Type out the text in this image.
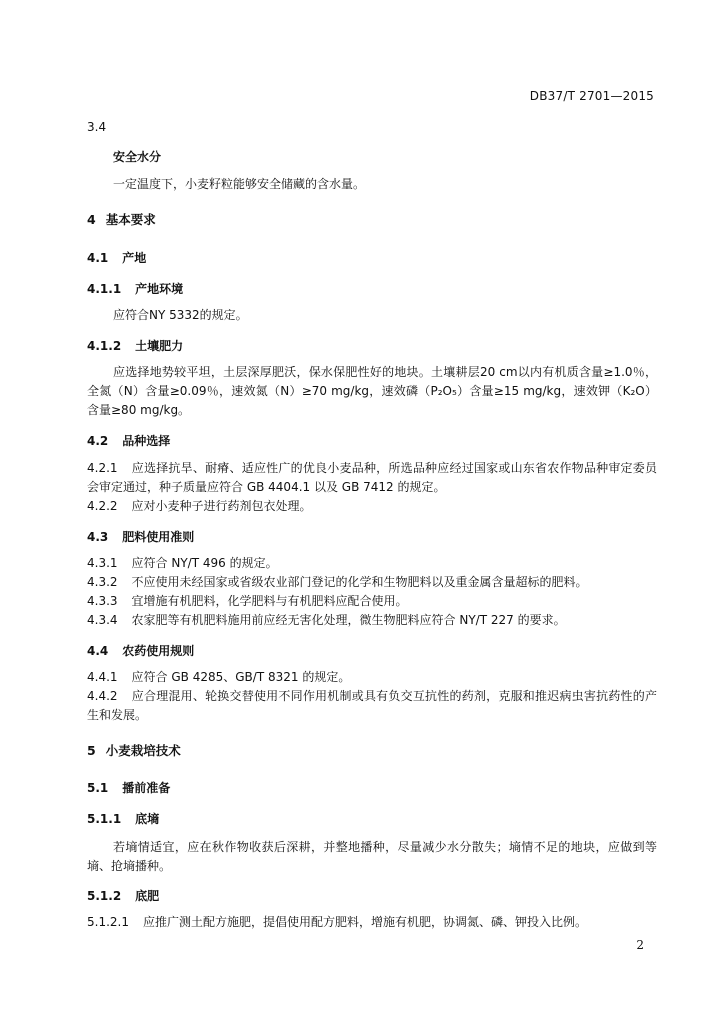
DB37/T 2701—2015
3.4
安全水分
一定温度下，小麦籽粒能够安全储藏的含水量。
4 基本要求
4.1 产地
4.1.1 产地环境
应符合NY 5332的规定。
4.1.2 土壤肥力
应选择地势较平坦，土层深厚肥沃，保水保肥性好的地块。土壤耕层20 cm以内有机质含量≥1.0％，全氮（N）含量≥0.09％，速效氮（N）≥70 mg/kg，速效磷（P₂O₅）含量≥15 mg/kg，速效钾（K₂O）含量≥80 mg/kg。
4.2 品种选择
4.2.1 应选择抗旱、耐瘠、适应性广的优良小麦品种，所选品种应经过国家或山东省农作物品种审定委员会审定通过，种子质量应符合 GB 4404.1 以及 GB 7412 的规定。
4.2.2 应对小麦种子进行药剂包衣处理。
4.3 肥料使用准则
4.3.1 应符合 NY/T 496 的规定。
4.3.2 不应使用未经国家或省级农业部门登记的化学和生物肥料以及重金属含量超标的肥料。
4.3.3 宜增施有机肥料，化学肥料与有机肥料应配合使用。
4.3.4 农家肥等有机肥料施用前应经无害化处理，微生物肥料应符合 NY/T 227 的要求。
4.4 农药使用规则
4.4.1 应符合 GB 4285、GB/T 8321 的规定。
4.4.2 应合理混用、轮换交替使用不同作用机制或具有负交互抗性的药剂，克服和推迟病虫害抗药性的产生和发展。
5 小麦栽培技术
5.1 播前准备
5.1.1 底墒
若墒情适宜，应在秋作物收获后深耕，并整地播种，尽量减少水分散失；墒情不足的地块，应做到等墒、抢墒播种。
5.1.2 底肥
5.1.2.1 应推广测土配方施肥，提倡使用配方肥料，增施有机肥，协调氮、磷、钾投入比例。
2
